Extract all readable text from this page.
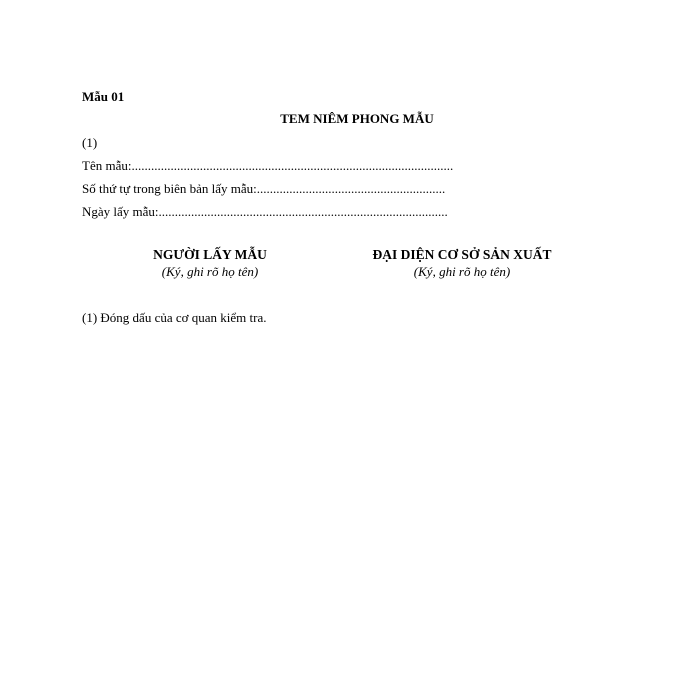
Mẫu 01
TEM NIÊM PHONG MẪU
(1)
Tên mẫu:...................................................................................................
Số thứ tự trong biên bản lấy mẫu:..........................................................
Ngày lấy mẫu:.........................................................................................
NGƯỜI LẤY MẪU
(Ký, ghi rõ họ tên)
ĐẠI DIỆN CƠ SỞ SẢN XUẤT
(Ký, ghi rõ họ tên)
(1) Đóng dấu của cơ quan kiểm tra.
